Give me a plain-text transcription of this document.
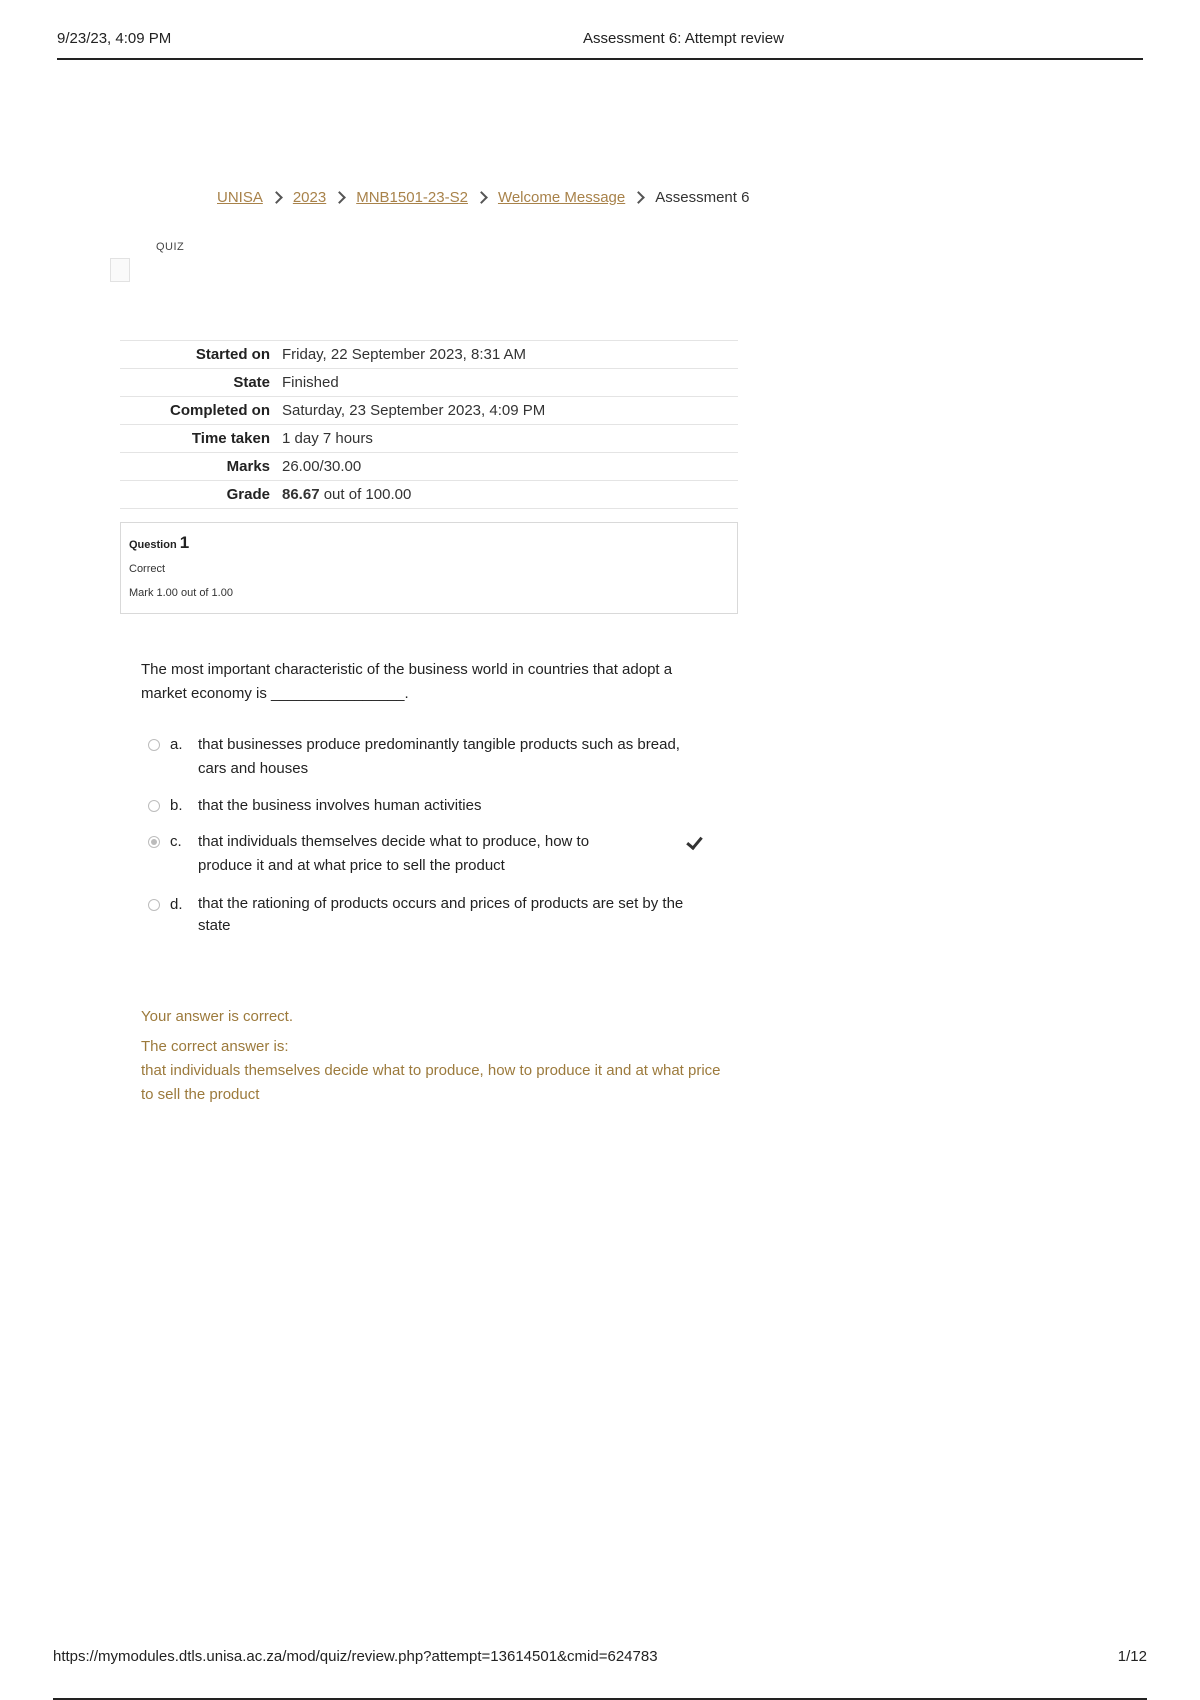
9/23/23, 4:09 PM	Assessment 6: Attempt review
UNISA 2023 MNB1501-23-S2 Welcome Message Assessment 6
QUIZ
Started on	Friday, 22 September 2023, 8:31 AM
State	Finished
Completed on	Saturday, 23 September 2023, 4:09 PM
Time taken	1 day 7 hours
Marks	26.00/30.00
Grade	86.67 out of 100.00
Question 1
Correct
Mark 1.00 out of 1.00
The most important characteristic of the business world in countries that adopt a market economy is ________________.
a.	that businesses produce predominantly tangible products such as bread, cars and houses
b.	that the business involves human activities
c.	that individuals themselves decide what to produce, how to produce it and at what price to sell the product
d.	that the rationing of products occurs and prices of products are set by the state
Your answer is correct.
The correct answer is:
that individuals themselves decide what to produce, how to produce it and at what price to sell the product
https://mymodules.dtls.unisa.ac.za/mod/quiz/review.php?attempt=13614501&cmid=624783	1/12
